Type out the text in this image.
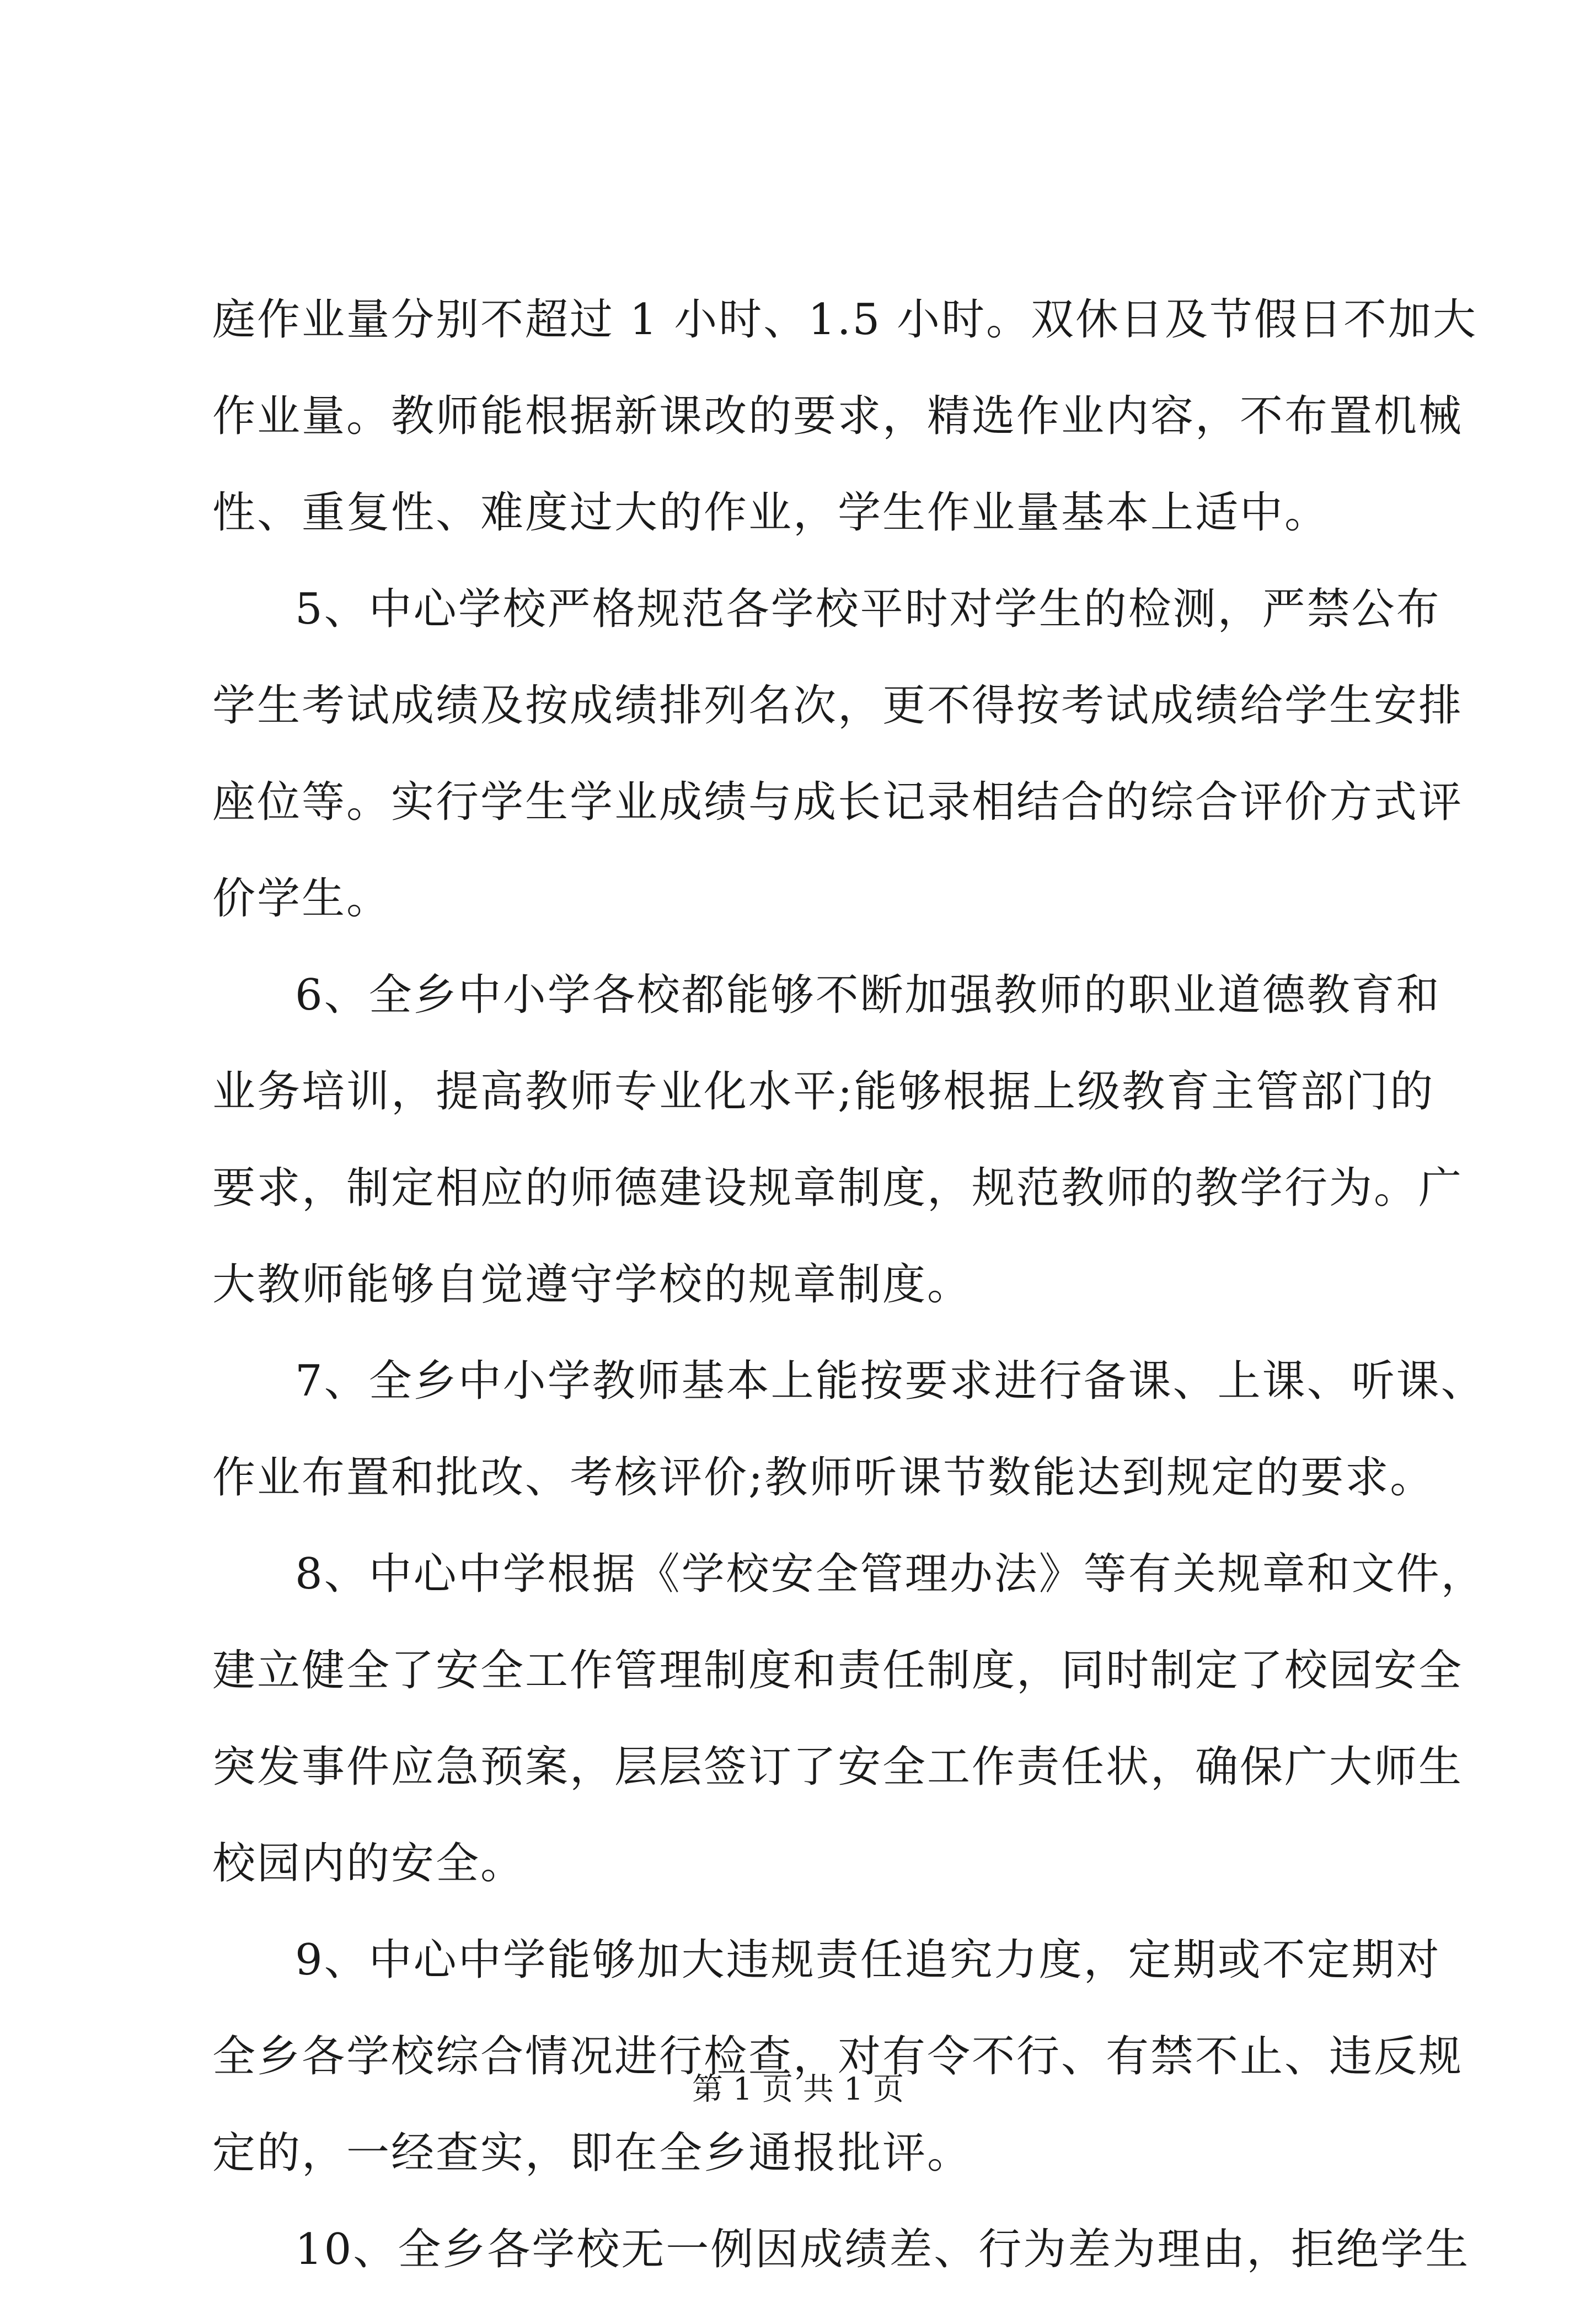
庭作业量分别不超过 1 小时、1.5 小时。双休日及节假日不加大
作业量。教师能根据新课改的要求，精选作业内容，不布置机械
性、重复性、难度过大的作业，学生作业量基本上适中。
5、中心学校严格规范各学校平时对学生的检测，严禁公布
学生考试成绩及按成绩排列名次，更不得按考试成绩给学生安排
座位等。实行学生学业成绩与成长记录相结合的综合评价方式评
价学生。
6、全乡中小学各校都能够不断加强教师的职业道德教育和
业务培训，提高教师专业化水平;能够根据上级教育主管部门的
要求，制定相应的师德建设规章制度，规范教师的教学行为。广
大教师能够自觉遵守学校的规章制度。
7、全乡中小学教师基本上能按要求进行备课、上课、听课、
作业布置和批改、考核评价;教师听课节数能达到规定的要求。
8、中心中学根据《学校安全管理办法》等有关规章和文件，
建立健全了安全工作管理制度和责任制度，同时制定了校园安全
突发事件应急预案，层层签订了安全工作责任状，确保广大师生
校园内的安全。
9、中心中学能够加大违规责任追究力度，定期或不定期对
全乡各学校综合情况进行检查，对有令不行、有禁不止、违反规
定的，一经查实，即在全乡通报批评。
10、全乡各学校无一例因成绩差、行为差为理由，拒绝学生
第 1 页 共 1 页
